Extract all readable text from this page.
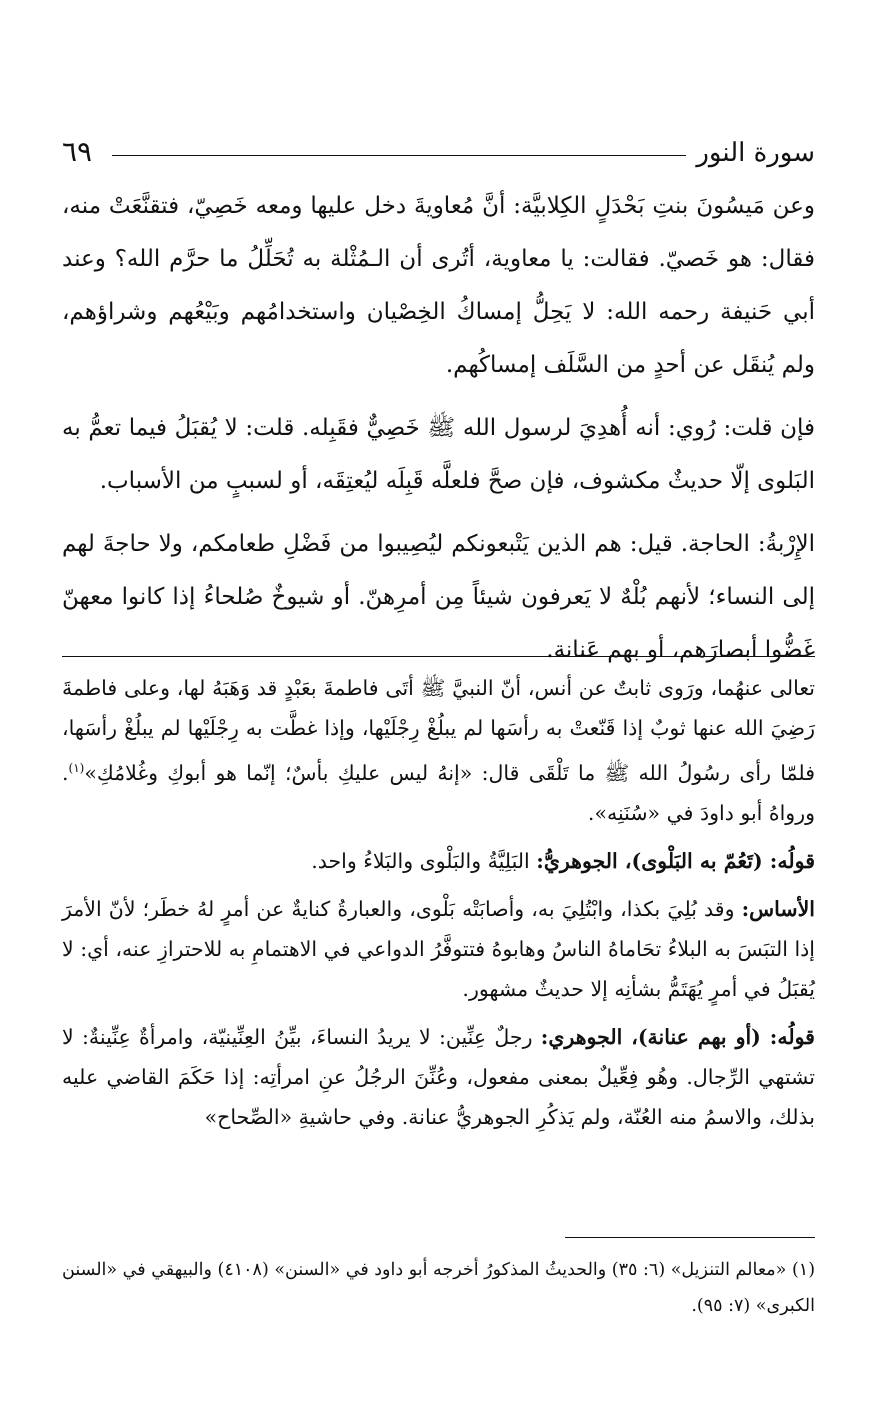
٦٩	سورة النور

وعن مَيسُونَ بنتِ بَحْدَلٍ الكِلابيَّة: أنَّ مُعاويةَ دخل عليها ومعه خَصِيّ، فتقنَّعَتْ منه، فقال: هو خَصيّ. فقالت: يا معاوية، أتُرى أن الـمُثْلة به تُحَلِّلُ ما حرَّم الله؟ وعند أبي حَنيفة رحمه الله: لا يَحِلُّ إمساكُ الخِصْيان واستخدامُهم وبَيْعُهم وشراؤهم، ولم يُنقَل عن أحدٍ من السَّلَف إمساكُهم.

فإن قلت: رُوي: أنه أُهدِيَ لرسول الله ﷺ خَصِيٌّ فقَبِله. قلت: لا يُقبَلُ فيما تعمُّ به البَلوى إلّا حديثٌ مكشوف، فإن صحَّ فلعلَّه قَبِلَه ليُعتِقَه، أو لسببٍ من الأسباب.

الإِرْبةُ: الحاجة. قيل: هم الذين يَتْبعونكم ليُصِيبوا من فَضْلِ طعامكم، ولا حاجةَ لهم إلى النساء؛ لأنهم بُلْهٌ لا يَعرفون شيئاً مِن أمرِهنّ. أو شيوخٌ صُلحاءُ إذا كانوا معهنّ غَضُّوا أبصارَهم، أو بهم عَنانة.

تعالى عنهُما، ورَوى ثابتٌ عن أنس، أنّ النبيَّ ﷺ أتَى فاطمةَ بعَبْدٍ قد وَهَبَهُ لها، وعلى فاطمةَ رَضِيَ الله عنها ثوبٌ إذا قَنّعتْ به رأسَها لم يبلُغْ رِجْلَيْها، وإذا غطَّت به رِجْلَيْها لم يبلُغْ رأسَها، فلمّا رأى رسُولُ الله ﷺ ما تَلْقَى قال: «إنهُ ليس عليكِ بأسٌ؛ إنّما هو أبوكِ وغُلامُكِ»$^{(١)}$. ورواهُ أبو داودَ في «سُنَنِه».

قولُه: (تَعُمّ به البَلْوى)، الجوهريُّ: البَلِيَّةُ والبَلْوى والبَلاءُ واحد.

الأساس: وقد بُلِيَ بكذا، وابْتُلِيَ به، وأصابَتْه بَلْوى، والعبارةُ كنايةٌ عن أمرٍ لهُ خطَر؛ لأنّ الأمرَ إذا التبَسَ به البلاءُ تحَاماهُ الناسُ وهابوهُ فتتوفَّرُ الدواعي في الاهتمامِ به للاحترازِ عنه، أي: لا يُقبَلُ في أمرٍ يُهَتَمُّ بشأنِه إلا حديثٌ مشهور.

قولُه: (أو بهم عنانة)، الجوهري: رجلٌ عِنِّين: لا يريدُ النساءَ، بيِّنُ العِنِّينيّة، وامرأةٌ عِنِّينةٌ: لا تشتهي الرِّجال. وهُو فِعِّيلٌ بمعنى مفعول، وعُنِّنَ الرجُلُ عنِ امرأتِه: إذا حَكَمَ القاضي عليه بذلك، والاسمُ منه العُنّة، ولم يَذكُرِ الجوهريُّ عنانة. وفي حاشيةِ «الصِّحاح»

(١) «معالم التنزيل» (٦: ٣٥) والحديثُ المذكورُ أخرجه أبو داود في «السنن» (٤١٠٨) والبيهقي في «السنن الكبرى» (٧: ٩٥).
